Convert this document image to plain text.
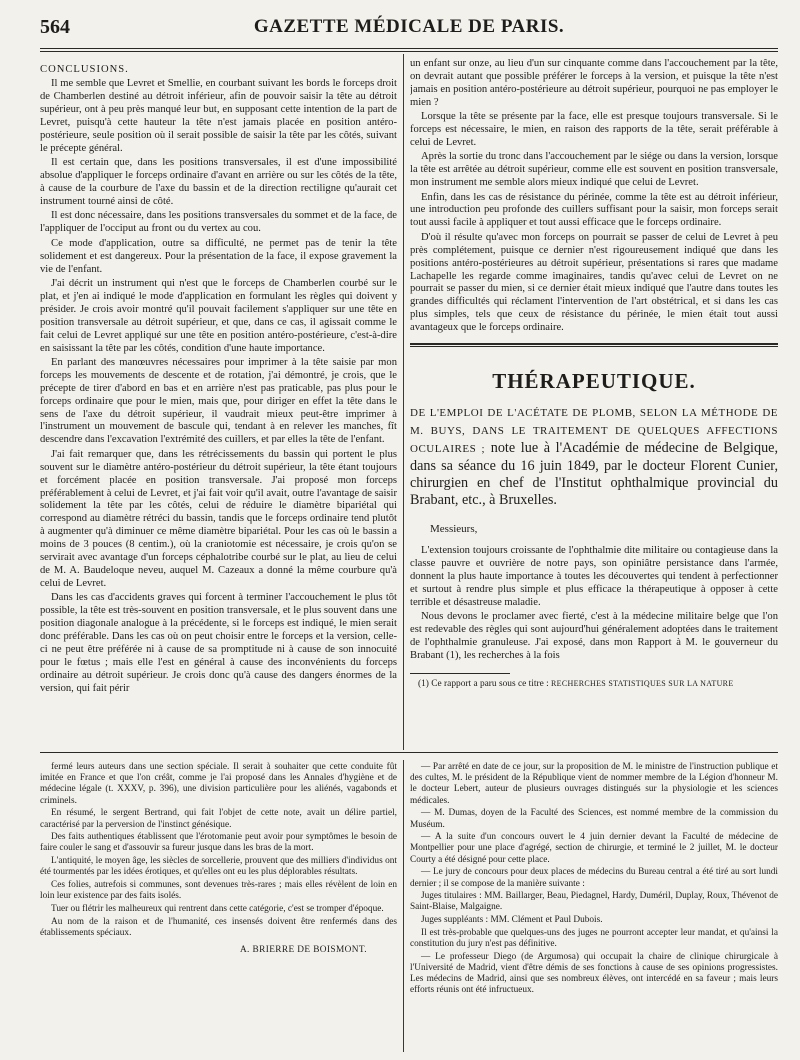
564	GAZETTE MÉDICALE DE PARIS.

CONCLUSIONS.

Il me semble que Levret et Smellie, en courbant suivant les bords le forceps droit de Chamberlen destiné au détroit inférieur, afin de pouvoir saisir la tête au détroit supérieur, ont à peu près manqué leur but, en supposant cette intention de la part de Levret, puisqu'à cette hauteur la tête n'est jamais placée en position antéro-postérieure, seule position où il serait possible de saisir la tête par les côtés, suivant le précepte général.

Il est certain que, dans les positions transversales, il est d'une impossibilité absolue d'appliquer le forceps ordinaire d'avant en arrière ou sur les côtés de la tête, à cause de la courbure de l'axe du bassin et de la direction rectiligne qu'aurait cet instrument tourné ainsi de côté.

Il est donc nécessaire, dans les positions transversales du sommet et de la face, de l'appliquer de l'occiput au front ou du vertex au cou.

Ce mode d'application, outre sa difficulté, ne permet pas de tenir la tête solidement et est dangereux. Pour la présentation de la face, il expose gravement la vie de l'enfant.

J'ai décrit un instrument qui n'est que le forceps de Chamberlen courbé sur le plat, et j'en ai indiqué le mode d'application en formulant les règles qui doivent y présider. Je crois avoir montré qu'il pouvait facilement s'appliquer sur une tête en position transversale au détroit supérieur, et que, dans ce cas, il agissait comme le fait celui de Levret appliqué sur une tête en position antéro-postérieure, c'est-à-dire en saisissant la tête par les côtés, condition d'une haute importance.

En parlant des manœuvres nécessaires pour imprimer à la tête saisie par mon forceps les mouvements de descente et de rotation, j'ai démontré, je crois, que le précepte de tirer d'abord en bas et en arrière n'est pas praticable, pas plus pour le forceps ordinaire que pour le mien, mais que, pour diriger en effet la tête dans le sens de l'axe du détroit supérieur, il vaudrait mieux peut-être imprimer à l'instrument un mouvement de bascule qui, tendant à en relever les manches, fît descendre dans l'excavation l'extrémité des cuillers, et par elles la tête de l'enfant.

J'ai fait remarquer que, dans les rétrécissements du bassin qui portent le plus souvent sur le diamètre antéro-postérieur du détroit supérieur, la tête étant toujours et forcément placée en position transversale. J'ai proposé mon forceps préférablement à celui de Levret, et j'ai fait voir qu'il avait, outre l'avantage de saisir solidement la tête par les côtés, celui de réduire le diamètre bipariétal qui correspond au diamètre rétréci du bassin, tandis que le forceps ordinaire tend plutôt à augmenter qu'à diminuer ce même diamètre bipariétal. Pour les cas où le bassin a moins de 3 pouces (8 centim.), où la craniotomie est nécessaire, je crois qu'on se servirait avec avantage d'un forceps céphalotribe courbé sur le plat, au lieu de celui de M. A. Baudeloque neveu, auquel M. Cazeaux a donné la même courbure qu'à celui de Levret.

Dans les cas d'accidents graves qui forcent à terminer l'accouchement le plus tôt possible, la tête est très-souvent en position transversale, et le plus souvent dans une position diagonale analogue à la précédente, si le forceps est indiqué, le mien serait donc préférable. Dans les cas où on peut choisir entre le forceps et la version, celle-ci ne peut être préférée ni à cause de sa promptitude ni à cause de son innocuité pour le fœtus ; mais elle l'est en général à cause des inconvénients du forceps ordinaire au détroit supérieur. Je crois donc qu'à cause des dangers énormes de la version, qui fait périr

un enfant sur onze, au lieu d'un sur cinquante comme dans l'accouchement par la tête, on devrait autant que possible préférer le forceps à la version, et puisque la tête n'est jamais en position antéro-postérieure au détroit supérieur, pourquoi ne pas employer le mien ?

Lorsque la tête se présente par la face, elle est presque toujours transversale. Si le forceps est nécessaire, le mien, en raison des rapports de la tête, serait préférable à celui de Levret.

Après la sortie du tronc dans l'accouchement par le siége ou dans la version, lorsque la tête est arrêtée au détroit supérieur, comme elle est souvent en position transversale, mon instrument me semble alors mieux indiqué que celui de Levret.

Enfin, dans les cas de résistance du périnée, comme la tête est au détroit inférieur, une introduction peu profonde des cuillers suffisant pour la saisir, mon forceps serait tout aussi facile à appliquer et tout aussi efficace que le forceps ordinaire.

D'où il résulte qu'avec mon forceps on pourrait se passer de celui de Levret à peu près complétement, puisque ce dernier n'est rigoureusement indiqué que dans les positions antéro-postérieures au détroit supérieur, présentations si rares que madame Lachapelle les regarde comme imaginaires, tandis qu'avec celui de Levret on ne pourrait se passer du mien, si ce dernier était mieux indiqué que l'autre dans toutes les grandes difficultés qui réclament l'intervention de l'art obstétrical, et si dans les cas plus simples, tels que ceux de résistance du périnée, le mien était tout aussi avantageux que le forceps ordinaire.

THÉRAPEUTIQUE.
DE L'EMPLOI DE L'ACÉTATE DE PLOMB, SELON LA MÉTHODE DE M. BUYS, DANS LE TRAITEMENT DE QUELQUES AFFECTIONS OCULAIRES ; note lue à l'Académie de médecine de Belgique, dans sa séance du 16 juin 1849, par le docteur Florent Cunier, chirurgien en chef de l'Institut ophthalmique provincial du Brabant, etc., à Bruxelles.
Messieurs,

L'extension toujours croissante de l'ophthalmie dite militaire ou contagieuse dans la classe pauvre et ouvrière de notre pays, son opiniâtre persistance dans l'armée, donnent la plus haute importance à toutes les découvertes qui tendent à perfectionner et surtout à rendre plus simple et plus efficace la thérapeutique à opposer à cette terrible et désastreuse maladie.

Nous devons le proclamer avec fierté, c'est à la médecine militaire belge que l'on est redevable des règles qui sont aujourd'hui généralement adoptées dans le traitement de l'ophthalmie granuleuse. J'ai exposé, dans mon Rapport à M. le gouverneur du Brabant (1), les recherches à la fois

(1) Ce rapport a paru sous ce titre : RECHERCHES STATISTIQUES SUR LA NATURE

fermé leurs auteurs dans une section spéciale. Il serait à souhaiter que cette conduite fût imitée en France et que l'on créât, comme je l'ai proposé dans les Annales d'hygiène et de médecine légale (t. XXXV, p. 396), une division particulière pour les aliénés, vagabonds et criminels.

En résumé, le sergent Bertrand, qui fait l'objet de cette note, avait un délire partiel, caractérisé par la perversion de l'instinct génésique.

Des faits authentiques établissent que l'érotomanie peut avoir pour symptômes le besoin de faire couler le sang et d'assouvir sa fureur jusque dans les bras de la mort.

L'antiquité, le moyen âge, les siècles de sorcellerie, prouvent que des milliers d'individus ont été tourmentés par les idées érotiques, et qu'elles ont eu les plus déplorables résultats.

Ces folies, autrefois si communes, sont devenues très-rares ; mais elles révèlent de loin en loin leur existence par des faits isolés.

Tuer ou flétrir les malheureux qui rentrent dans cette catégorie, c'est se tromper d'époque.

Au nom de la raison et de l'humanité, ces insensés doivent être renfermés dans des établissements spéciaux.

A. BRIERRE DE BOISMONT.

— Par arrêté en date de ce jour, sur la proposition de M. le ministre de l'instruction publique et des cultes, M. le président de la République vient de nommer membre de la Légion d'honneur M. le docteur Lebert, auteur de plusieurs ouvrages distingués sur la physiologie et les sciences médicales.

— M. Dumas, doyen de la Faculté des Sciences, est nommé membre de la commission du Muséum.

— A la suite d'un concours ouvert le 4 juin dernier devant la Faculté de médecine de Montpellier pour une place d'agrégé, section de chirurgie, et terminé le 2 juillet, M. le docteur Courty a été désigné pour cette place.

— Le jury de concours pour deux places de médecins du Bureau central a été tiré au sort lundi dernier ; il se compose de la manière suivante :

Juges titulaires : MM. Baillarger, Beau, Piedagnel, Hardy, Duméril, Duplay, Roux, Thévenot de Saint-Blaise, Malgaigne.

Juges suppléants : MM. Clément et Paul Dubois.

Il est très-probable que quelques-uns des juges ne pourront accepter leur mandat, et qu'ainsi la constitution du jury n'est pas définitive.

— Le professeur Diego (de Argumosa) qui occupait la chaire de clinique chirurgicale à l'Université de Madrid, vient d'être démis de ses fonctions à cause de ses opinions progressistes. Les médecins de Madrid, ainsi que ses nombreux élèves, ont intercédé en sa faveur ; mais leurs efforts réunis ont été infructueux.
